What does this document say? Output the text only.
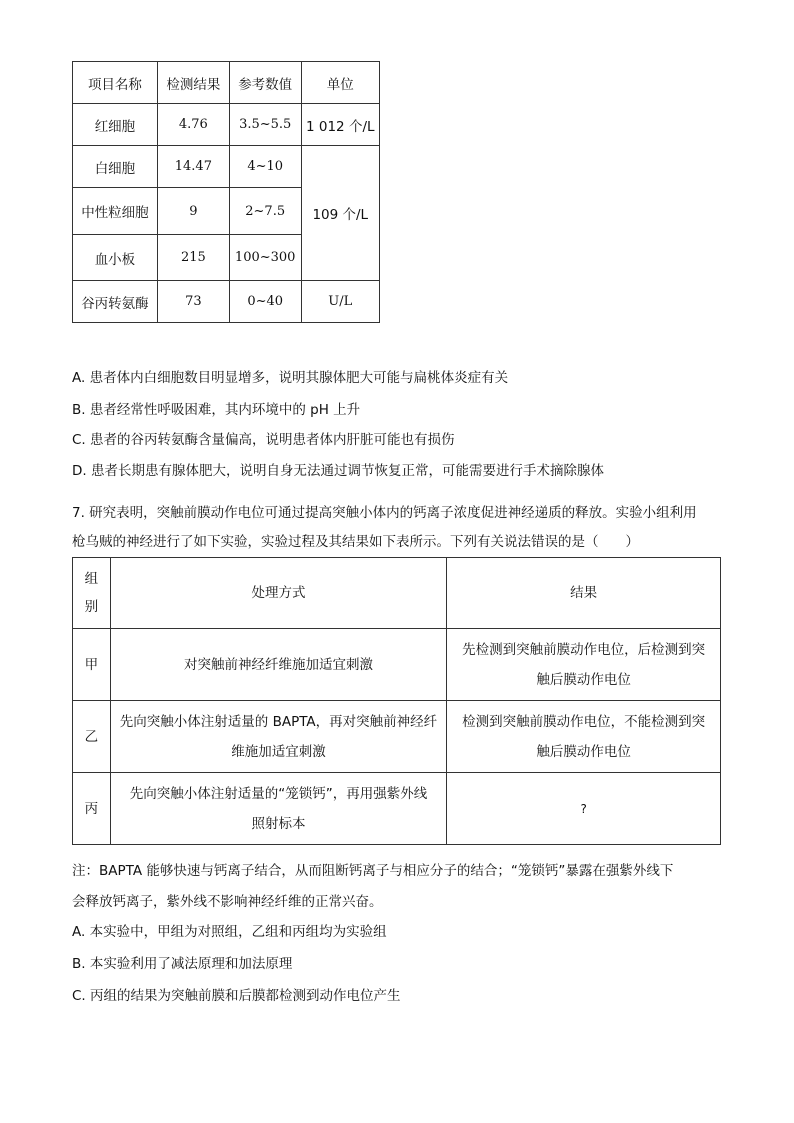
项目名称	检测结果	参考数值	单位
红细胞	4.76	3.5~5.5	1 012 个/L
白细胞	14.47	4~10	109 个/L
中性粒细胞	9	2~7.5	
血小板	215	100~300	
谷丙转氨酶	73	0~40	U/L
A. 患者体内白细胞数目明显增多，说明其腺体肥大可能与扁桃体炎症有关
B. 患者经常性呼吸困难，其内环境中的 pH 上升
C. 患者的谷丙转氨酶含量偏高，说明患者体内肝脏可能也有损伤
D. 患者长期患有腺体肥大，说明自身无法通过调节恢复正常，可能需要进行手术摘除腺体
7. 研究表明，突触前膜动作电位可通过提高突触小体内的钙离子浓度促进神经递质的释放。实验小组利用
枪乌贼的神经进行了如下实验，实验过程及其结果如下表所示。下列有关说法错误的是（　　）
组别	处理方式	结果
甲	对突触前神经纤维施加适宜刺激	先检测到突触前膜动作电位，后检测到突触后膜动作电位
乙	先向突触小体注射适量的 BAPTA，再对突触前神经纤维施加适宜刺激	检测到突触前膜动作电位，不能检测到突触后膜动作电位
丙	先向突触小体注射适量的“笼锁钙”，再用强紫外线照射标本	?
注：BAPTA 能够快速与钙离子结合，从而阻断钙离子与相应分子的结合；“笼锁钙”暴露在强紫外线下
会释放钙离子，紫外线不影响神经纤维的正常兴奋。
A. 本实验中，甲组为对照组，乙组和丙组均为实验组
B. 本实验利用了减法原理和加法原理
C. 丙组的结果为突触前膜和后膜都检测到动作电位产生
